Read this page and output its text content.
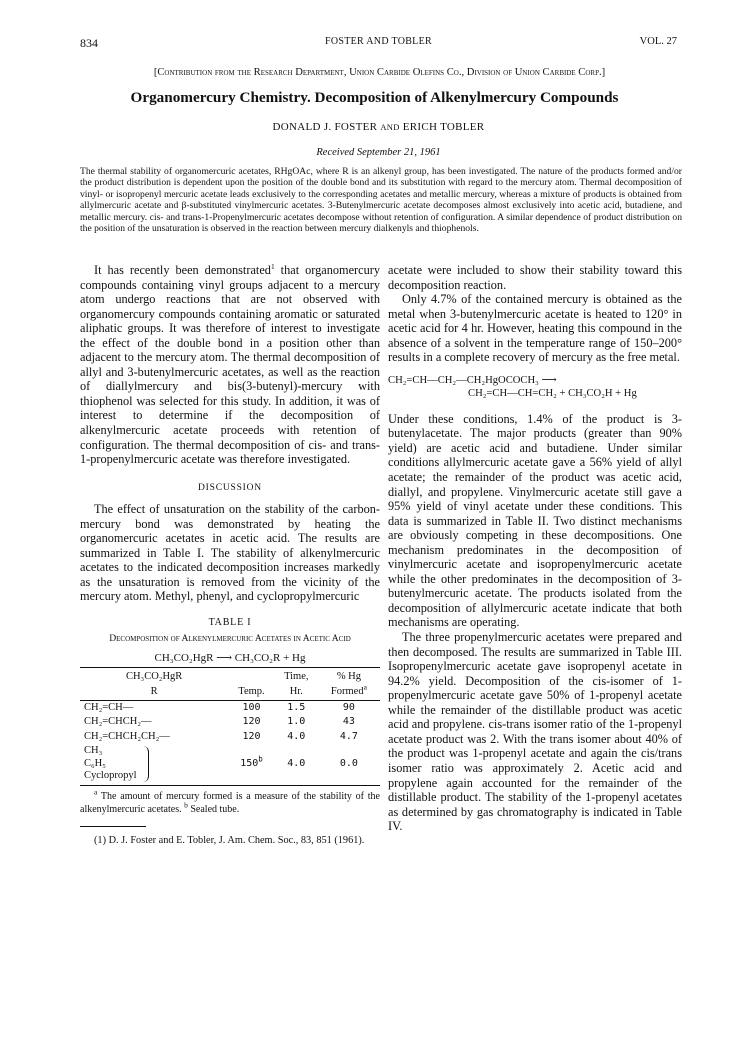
834	FOSTER AND TOBLER	VOL. 27
[Contribution from the Research Department, Union Carbide Olefins Co., Division of Union Carbide Corp.]
Organomercury Chemistry. Decomposition of Alkenylmercury Compounds
DONALD J. FOSTER AND ERICH TOBLER
Received September 21, 1961
The thermal stability of organomercuric acetates, RHgOAc, where R is an alkenyl group, has been investigated. The nature of the products formed and/or the product distribution is dependent upon the position of the double bond and its substitution with regard to the mercury atom. Thermal decomposition of vinyl- or isopropenyl mercuric acetate leads exclusively to the corresponding acetates and metallic mercury, whereas a mixture of products is obtained from allylmercuric acetate and β-substituted vinylmercuric acetates. 3-Butenylmercuric acetate decomposes almost exclusively into acetic acid, butadiene, and metallic mercury. cis- and trans-1-Propenylmercuric acetates decompose without retention of configuration. A similar dependence of product distribution on the position of the unsaturation is observed in the reaction between mercury dialkenyls and thiophenols.

It has recently been demonstrated$^1$ that organomercury compounds containing vinyl groups adjacent to a mercury atom undergo reactions that are not observed with organomercury compounds containing aromatic or saturated aliphatic groups. It was therefore of interest to investigate the effect of the double bond in a position other than adjacent to the mercury atom. The thermal decomposition of allyl and 3-butenylmercuric acetates, as well as the reaction of diallylmercury and bis(3-butenyl)-mercury with thiophenol was selected for this study. In addition, it was of interest to determine if the decomposition of alkenylmercuric acetate proceeds with retention of configuration. The thermal decomposition of cis- and trans-1-propenylmercuric acetate was therefore investigated.

DISCUSSION

The effect of unsaturation on the stability of the carbon-mercury bond was demonstrated by heating the organomercuric acetates in acetic acid. The results are summarized in Table I. The stability of alkenylmercuric acetates to the indicated decomposition increases markedly as the unsaturation is removed from the vicinity of the mercury atom. Methyl, phenyl, and cyclopropylmercuric

TABLE I
Decomposition of Alkenylmercuric Acetates in Acetic Acid
CH₃CO₂HgR ⟶ CH₃CO₂R + Hg
CH₃CO₂HgR		Time,	% Hg
R	Temp.	Hr.	Formed$^a$
CH₂=CH—	100	1.5	90
CH₂=CHCH₂—	120	1.0	43
CH₂=CHCH₂CH₂—	120	4.0	4.7
CH₃
C₆H₅
Cyclopropyl	150$^b$	4.0	0.0
$^a$ The amount of mercury formed is a measure of the stability of the alkenylmercuric acetates. $^b$ Sealed tube.
(1) D. J. Foster and E. Tobler, J. Am. Chem. Soc., 83, 851 (1961).

acetate were included to show their stability toward this decomposition reaction.

Only 4.7% of the contained mercury is obtained as the metal when 3-butenylmercuric acetate is heated to 120° in acetic acid for 4 hr. However, heating this compound in the absence of a solvent in the temperature range of 150–200° results in a complete recovery of mercury as the free metal.

CH₂=CH—CH₂—CH₂HgOCOCH₃ ⟶
CH₂=CH—CH=CH₂ + CH₃CO₂H + Hg

Under these conditions, 1.4% of the product is 3-butenylacetate. The major products (greater than 90% yield) are acetic acid and butadiene. Under similar conditions allylmercuric acetate gave a 56% yield of allyl acetate; the remainder of the product was acetic acid, diallyl, and propylene. Vinylmercuric acetate still gave a 95% yield of vinyl acetate under these conditions. This data is summarized in Table II. Two distinct mechanisms are obviously competing in these decompositions. One mechanism predominates in the decomposition of vinylmercuric acetate and isopropenylmercuric acetate while the other predominates in the decomposition of 3-butenylmercuric acetate. The products isolated from the decomposition of allylmercuric acetate indicate that both mechanisms are operating.

The three propenylmercuric acetates were prepared and then decomposed. The results are summarized in Table III. Isopropenylmercuric acetate gave isopropenyl acetate in 94.2% yield. Decomposition of the cis-isomer of 1-propenylmercuric acetate gave 50% of 1-propenyl acetate while the remainder of the distillable product was acetic acid and propylene. cis-trans isomer ratio of the 1-propenyl acetate product was 2. With the trans isomer about 40% of the product was 1-propenyl acetate and again the cis/trans isomer ratio was approximately 2. Acetic acid and propylene again accounted for the remainder of the distillable product. The stability of the 1-propenyl acetates as determined by gas chromatography is indicated in Table IV.
